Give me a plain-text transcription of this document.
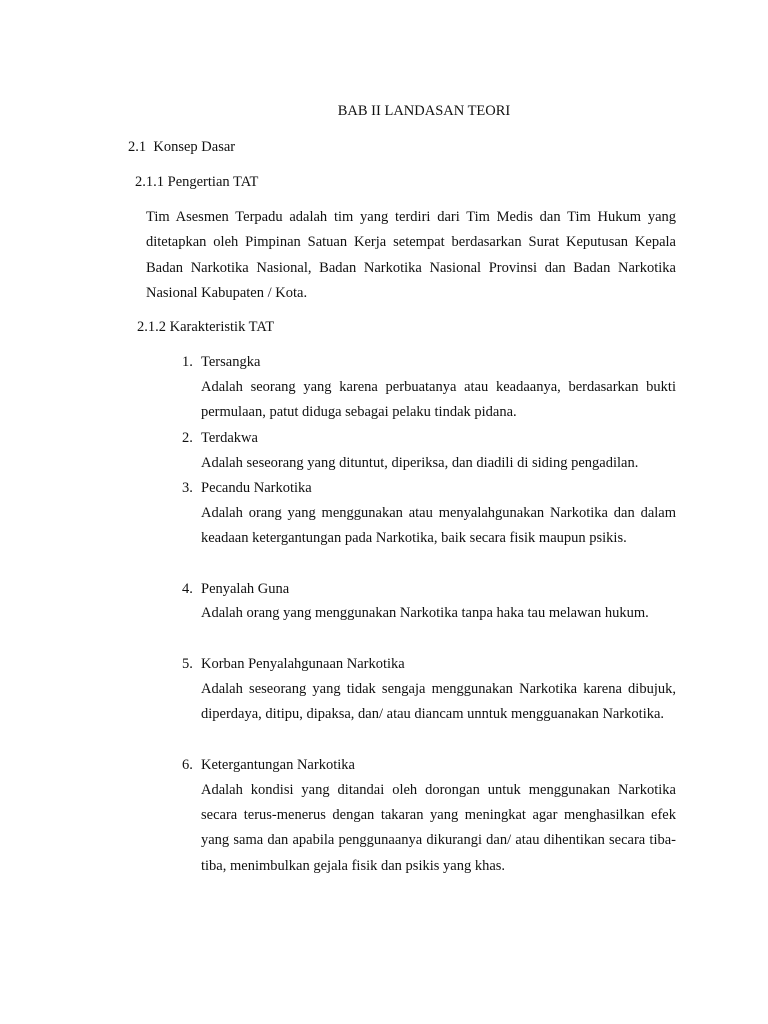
BAB II LANDASAN TEORI
2.1 Konsep Dasar
2.1.1 Pengertian TAT
Tim Asesmen Terpadu adalah tim yang terdiri dari Tim Medis dan Tim Hukum yang ditetapkan oleh Pimpinan Satuan Kerja setempat berdasarkan Surat Keputusan Kepala Badan Narkotika Nasional, Badan Narkotika Nasional Provinsi dan Badan Narkotika Nasional Kabupaten / Kota.
2.1.2 Karakteristik TAT
1. Tersangka
Adalah seorang yang karena perbuatanya atau keadaanya, berdasarkan bukti permulaan, patut diduga sebagai pelaku tindak pidana.
2. Terdakwa
Adalah seseorang yang dituntut, diperiksa, dan diadili di siding pengadilan.
3. Pecandu Narkotika
Adalah orang yang menggunakan atau menyalahgunakan Narkotika dan dalam keadaan ketergantungan pada Narkotika, baik secara fisik maupun psikis.
4. Penyalah Guna
Adalah orang yang menggunakan Narkotika tanpa haka tau melawan hukum.
5. Korban Penyalahgunaan Narkotika
Adalah seseorang yang tidak sengaja menggunakan Narkotika karena dibujuk, diperdaya, ditipu, dipaksa, dan/ atau diancam unntuk mengguanakan Narkotika.
6. Ketergantungan Narkotika
Adalah kondisi yang ditandai oleh dorongan untuk menggunakan Narkotika secara terus-menerus dengan takaran yang meningkat agar menghasilkan efek yang sama dan apabila penggunaanya dikurangi dan/ atau dihentikan secara tiba-tiba, menimbulkan gejala fisik dan psikis yang khas.
